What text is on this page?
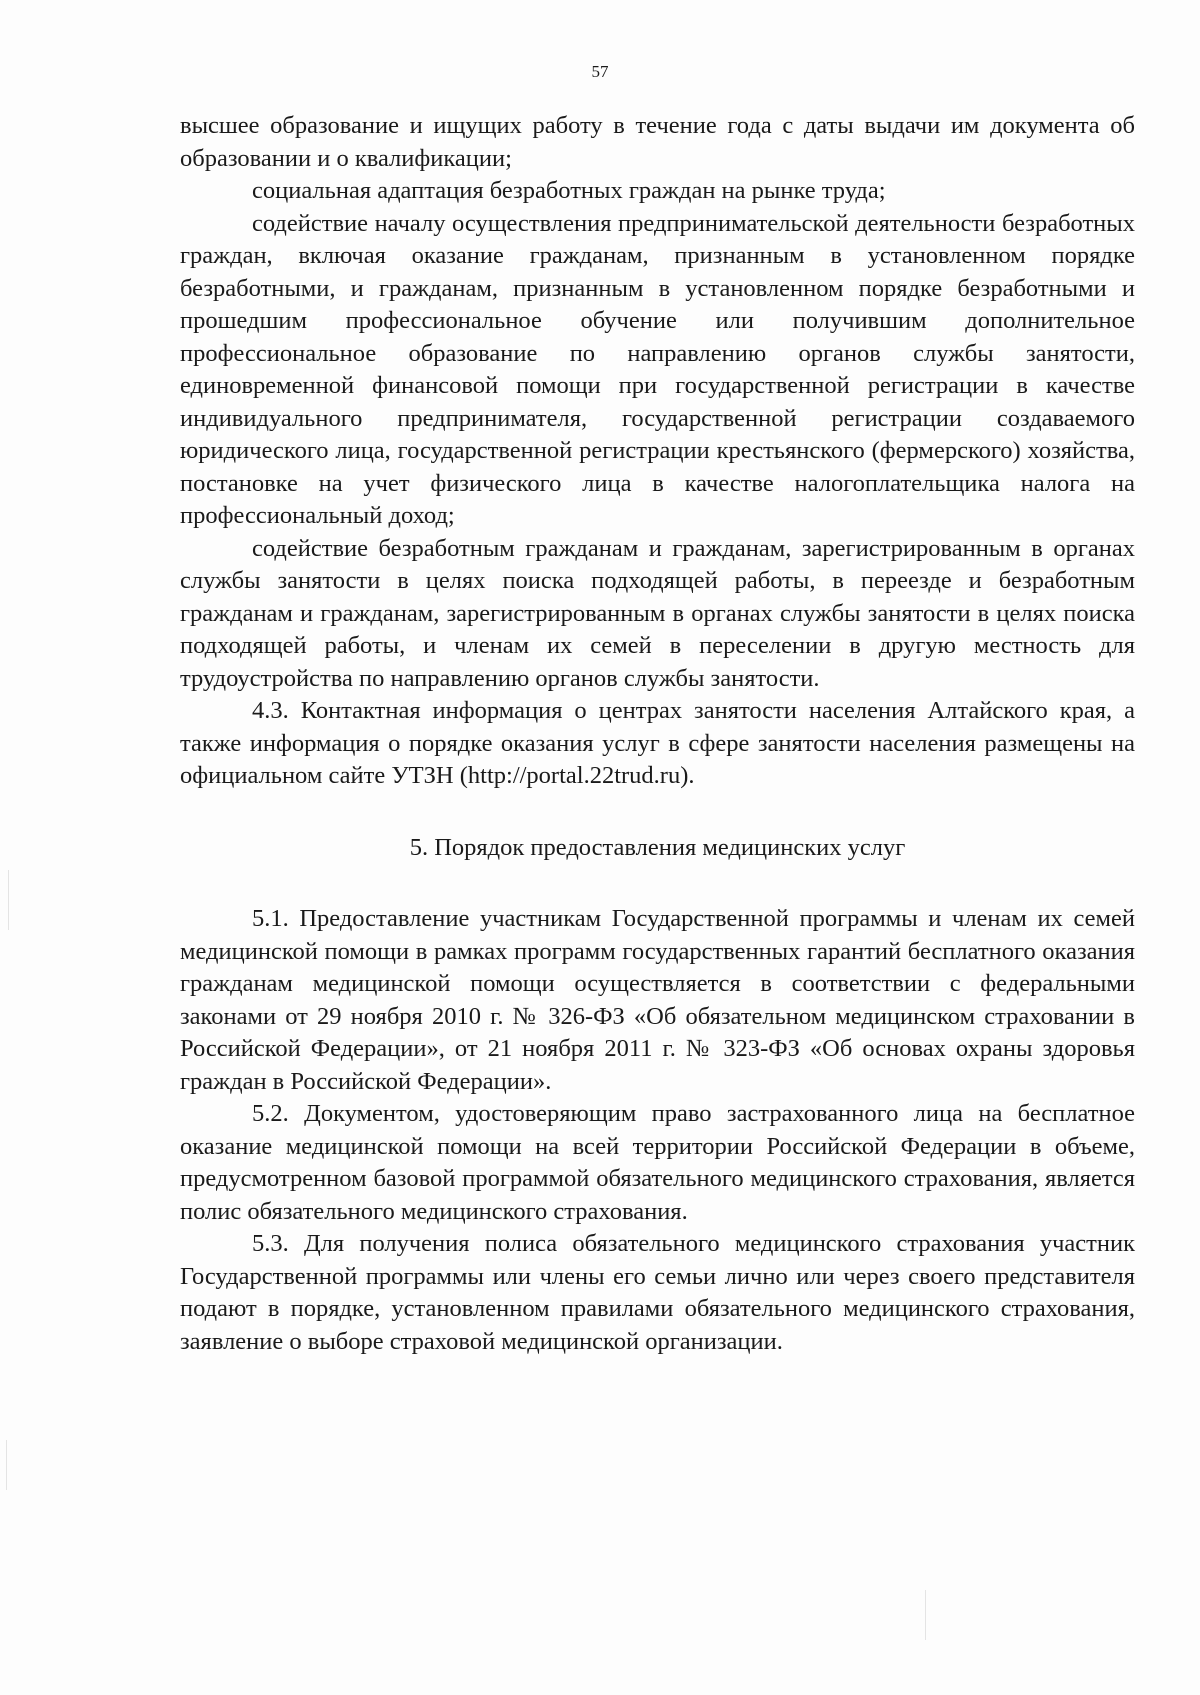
57

высшее образование и ищущих работу в течение года с даты выдачи им документа об образовании и о квалификации;

социальная адаптация безработных граждан на рынке труда;

содействие началу осуществления предпринимательской деятельности безработных граждан, включая оказание гражданам, признанным в установленном порядке безработными, и гражданам, признанным в установленном порядке безработными и прошедшим профессиональное обучение или получившим дополнительное профессиональное образование по направлению органов службы занятости, единовременной финансовой помощи при государственной регистрации в качестве индивидуального предпринимателя, государственной регистрации создаваемого юридического лица, государственной регистрации крестьянского (фермерского) хозяйства, постановке на учет физического лица в качестве налогоплательщика налога на профессиональный доход;

содействие безработным гражданам и гражданам, зарегистрированным в органах службы занятости в целях поиска подходящей работы, в переезде и безработным гражданам и гражданам, зарегистрированным в органах службы занятости в целях поиска подходящей работы, и членам их семей в переселении в другую местность для трудоустройства по направлению органов службы занятости.

4.3. Контактная информация о центрах занятости населения Алтайского края, а также информация о порядке оказания услуг в сфере занятости населения размещены на официальном сайте УТЗН (http://portal.22trud.ru).

5. Порядок предоставления медицинских услуг

5.1. Предоставление участникам Государственной программы и членам их семей медицинской помощи в рамках программ государственных гарантий бесплатного оказания гражданам медицинской помощи осуществляется в соответствии с федеральными законами от 29 ноября 2010 г. № 326-ФЗ «Об обязательном медицинском страховании в Российской Федерации», от 21 ноября 2011 г. № 323-ФЗ «Об основах охраны здоровья граждан в Российской Федерации».

5.2. Документом, удостоверяющим право застрахованного лица на бесплатное оказание медицинской помощи на всей территории Российской Федерации в объеме, предусмотренном базовой программой обязательного медицинского страхования, является полис обязательного медицинского страхования.

5.3. Для получения полиса обязательного медицинского страхования участник Государственной программы или члены его семьи лично или через своего представителя подают в порядке, установленном правилами обязательного медицинского страхования, заявление о выборе страховой медицинской организации.
